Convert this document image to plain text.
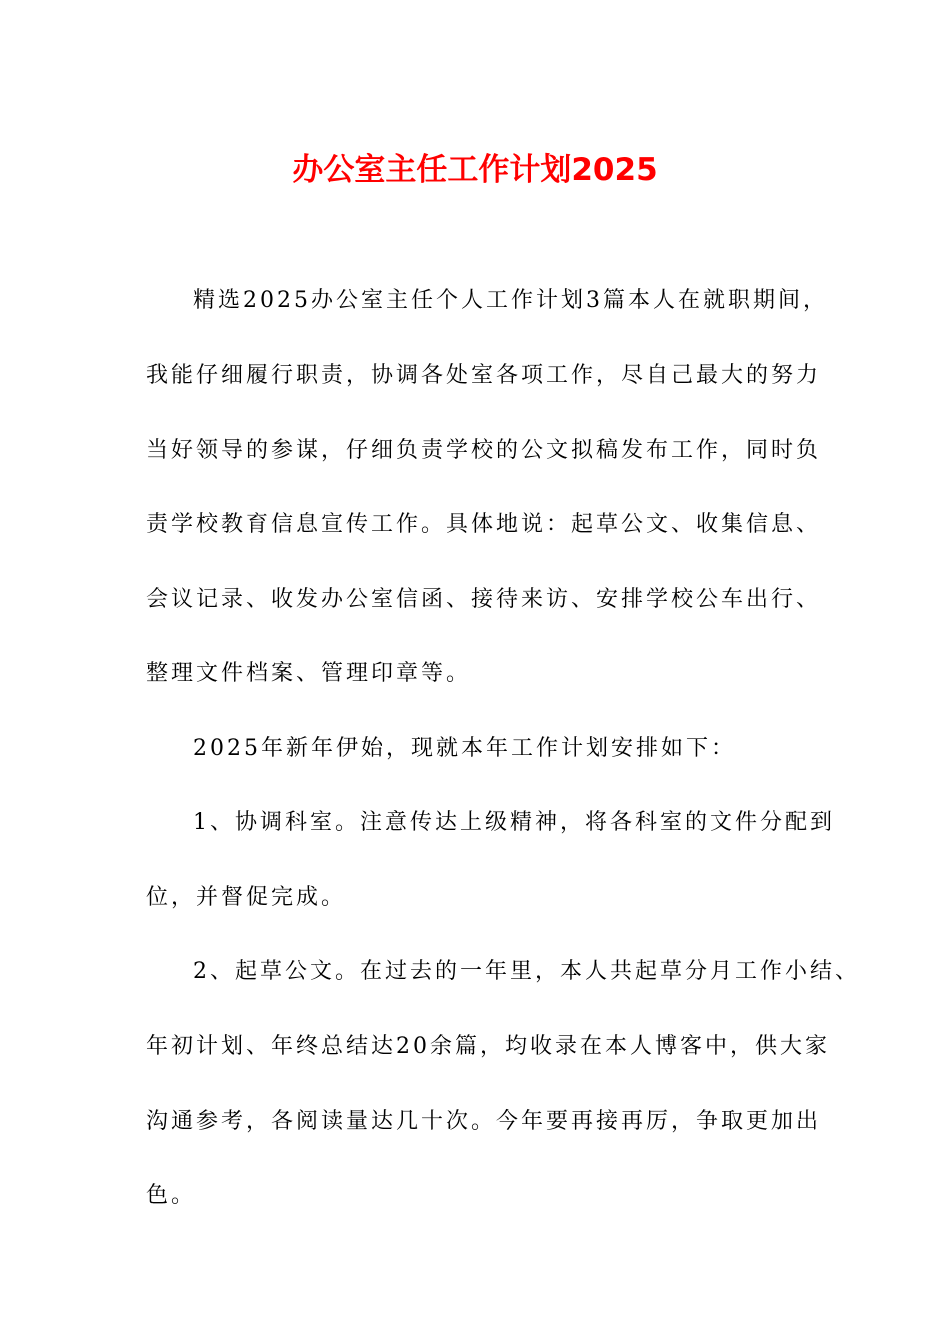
办公室主任工作计划2025

精选2025办公室主任个人工作计划3篇本人在就职期间，

我能仔细履行职责，协调各处室各项工作，尽自己最大的努力

当好领导的参谋，仔细负责学校的公文拟稿发布工作，同时负

责学校教育信息宣传工作。具体地说：起草公文、收集信息、

会议记录、收发办公室信函、接待来访、安排学校公车出行、

整理文件档案、管理印章等。

2025年新年伊始，现就本年工作计划安排如下：

1、协调科室。注意传达上级精神，将各科室的文件分配到

位，并督促完成。

2、起草公文。在过去的一年里，本人共起草分月工作小结、

年初计划、年终总结达20余篇，均收录在本人博客中，供大家

沟通参考，各阅读量达几十次。今年要再接再厉，争取更加出

色。
